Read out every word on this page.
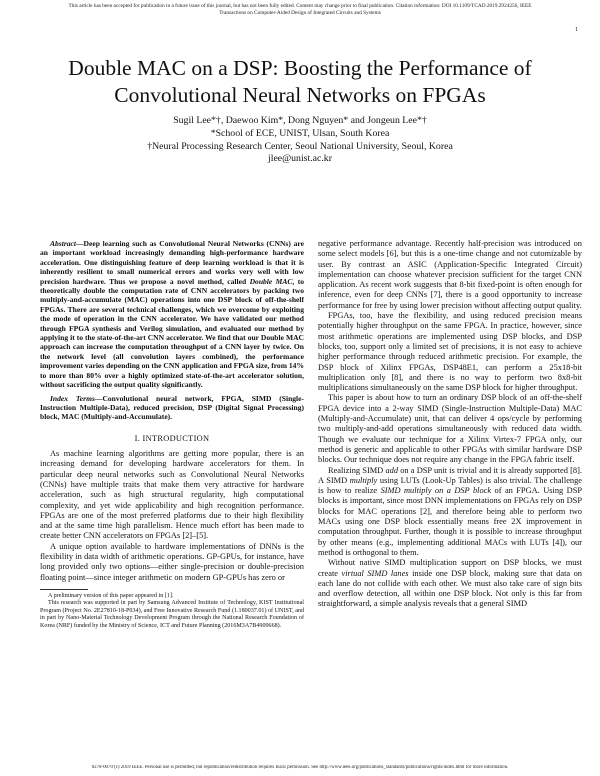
This article has been accepted for publication in a future issue of this journal, but has not been fully edited. Content may change prior to final publication. Citation information: DOI 10.1109/TCAD.2019.2924256, IEEE
Transactions on Computer-Aided Design of Integrated Circuits and Systems
1
Double MAC on a DSP: Boosting the Performance of Convolutional Neural Networks on FPGAs
Sugil Lee*†, Daewoo Kim*, Dong Nguyen* and Jongeun Lee*†
*School of ECE, UNIST, Ulsan, South Korea
†Neural Processing Research Center, Seoul National University, Seoul, Korea
jlee@unist.ac.kr

Abstract—Deep learning such as Convolutional Neural Networks (CNNs) are an important workload increasingly demanding high-performance hardware acceleration. One distinguishing feature of deep learning workload is that it is inherently resilient to small numerical errors and works very well with low precision hardware. Thus we propose a novel method, called Double MAC, to theoretically double the computation rate of CNN accelerators by packing two multiply-and-accumulate (MAC) operations into one DSP block of off-the-shelf FPGAs. There are several technical challenges, which we overcome by exploiting the mode of operation in the CNN accelerator. We have validated our method through FPGA synthesis and Verilog simulation, and evaluated our method by applying it to the state-of-the-art CNN accelerator. We find that our Double MAC approach can increase the computation throughput of a CNN layer by twice. On the network level (all convolution layers combined), the performance improvement varies depending on the CNN application and FPGA size, from 14% to more than 80% over a highly optimized state-of-the-art accelerator solution, without sacrificing the output quality significantly.

Index Terms—Convolutional neural network, FPGA, SIMD (Single-Instruction Multiple-Data), reduced precision, DSP (Digital Signal Processing) block, MAC (Multiply-and-Accumulate).

I. INTRODUCTION

As machine learning algorithms are getting more popular, there is an increasing demand for developing hardware accelerators for them. In particular deep neural networks such as Convolutional Neural Networks (CNNs) have multiple traits that make them very attractive for hardware acceleration, such as high structural regularity, high computational complexity, and yet wide applicability and high recognition performance. FPGAs are one of the most preferred platforms due to their high flexibility and at the same time high parallelism. Hence much effort has been made to create better CNN accelerators on FPGAs [2]–[5].

A unique option available to hardware implementations of DNNs is the flexibility in data width of arithmetic operations. GP-GPUs, for instance, have long provided only two options—either single-precision or double-precision floating point—since integer arithmetic on modern GP-GPUs has zero or

A preliminary version of this paper appeared in [1].

This research was supported in part by Samsung Advanced Institute of Technology, KIST Institutional Program (Project No. 2E27810-18-P034), and Free Innovative Research Fund (1.180037.01) of UNIST, and in part by Nano-Material Technology Development Program through the National Research Foundation of Korea (NRF) funded by the Ministry of Science, ICT and Future Planning (2016M3A7B4909668).

negative performance advantage. Recently half-precision was introduced on some select models [6], but this is a one-time change and not cutomizable by user. By contrast an ASIC (Application-Specific Integrated Circuit) implementation can choose whatever precision sufficient for the target CNN application. As recent work suggests that 8-bit fixed-point is often enough for inference, even for deep CNNs [7], there is a good opportunity to increase performance for free by using lower precision without affecting output quality.

FPGAs, too, have the flexibility, and using reduced precision means potentially higher throughput on the same FPGA. In practice, however, since most arithmetic operations are implemented using DSP blocks, and DSP blocks, too, support only a limited set of precisions, it is not easy to achieve higher performance through reduced arithmetic precision. For example, the DSP block of Xilinx FPGAs, DSP48E1, can perform a 25x18-bit multiplication only [8], and there is no way to perform two 8x8-bit multiplications simultaneously on the same DSP block for higher throughput.

This paper is about how to turn an ordinary DSP block of an off-the-shelf FPGA device into a 2-way SIMD (Single-Instruction Multiple-Data) MAC (Multiply-and-Accumulate) unit, that can deliver 4 ops/cycle by performing two multiply-and-add operations simultaneously with reduced data width. Though we evaluate our technique for a Xilinx Virtex-7 FPGA only, our method is generic and applicable to other FPGAs with similar hardware DSP blocks. Our technique does not require any change in the FPGA fabric itself.

Realizing SIMD add on a DSP unit is trivial and it is already supported [8]. A SIMD multiply using LUTs (Look-Up Tables) is also trivial. The challenge is how to realize SIMD multiply on a DSP block of an FPGA. Using DSP blocks is important, since most DNN implementations on FPGAs rely on DSP blocks for MAC operations [2], and therefore being able to perform two MACs using one DSP block essentially means free 2X improvement in computation throughput. Further, though it is possible to increase throughput by other means (e.g., implementing additional MACs with LUTs [4]), our method is orthogonal to them.

Without native SIMD multiplication support on DSP blocks, we must create virtual SIMD lanes inside one DSP block, making sure that data on each lane do not collide with each other. We must also take care of sign bits and overflow detection, all within one DSP block. Not only is this far from straightforward, a simple analysis reveals that a general SIMD

0278-0070 (c) 2019 IEEE. Personal use is permitted, but republication/redistribution requires IEEE permission. See http://www.ieee.org/publications_standards/publications/rights/index.html for more information.
